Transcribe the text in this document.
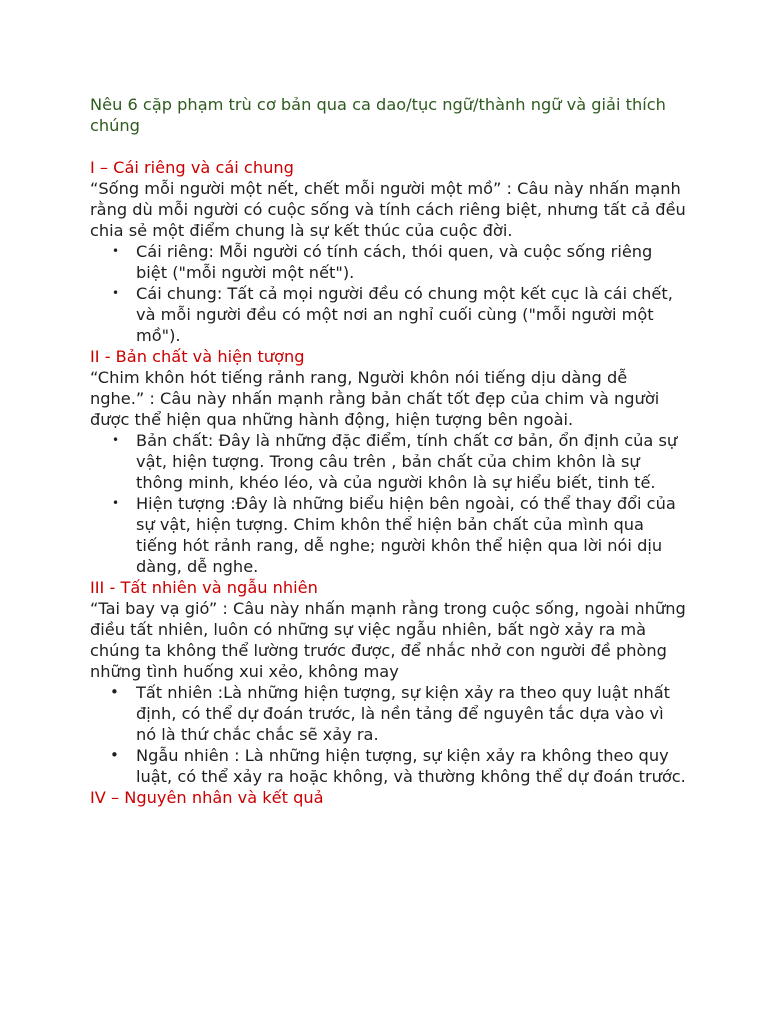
Nêu 6 cặp phạm trù cơ bản qua ca dao/tục ngữ/thành ngữ và giải thích chúng

I – Cái riêng và cái chung

“Sống mỗi người một nết, chết mỗi người một mồ” : Câu này nhấn mạnh rằng dù mỗi người có cuộc sống và tính cách riêng biệt, nhưng tất cả đều chia sẻ một điểm chung là sự kết thúc của cuộc đời.

• Cái riêng: Mỗi người có tính cách, thói quen, và cuộc sống riêng biệt ("mỗi người một nết").
• Cái chung: Tất cả mọi người đều có chung một kết cục là cái chết, và mỗi người đều có một nơi an nghỉ cuối cùng ("mỗi người một mồ").

II - Bản chất và hiện tượng

“Chim khôn hót tiếng rảnh rang, Người khôn nói tiếng dịu dàng dễ nghe.” : Câu này nhấn mạnh rằng bản chất tốt đẹp của chim và người được thể hiện qua những hành động, hiện tượng bên ngoài.

• Bản chất: Đây là những đặc điểm, tính chất cơ bản, ổn định của sự vật, hiện tượng. Trong câu trên , bản chất của chim khôn là sự thông minh, khéo léo, và của người khôn là sự hiểu biết, tinh tế.
• Hiện tượng :Đây là những biểu hiện bên ngoài, có thể thay đổi của sự vật, hiện tượng. Chim khôn thể hiện bản chất của mình qua tiếng hót rảnh rang, dễ nghe; người khôn thể hiện qua lời nói dịu dàng, dễ nghe.

III - Tất nhiên và ngẫu nhiên

“Tai bay vạ gió” : Câu này nhấn mạnh rằng trong cuộc sống, ngoài những điều tất nhiên, luôn có những sự việc ngẫu nhiên, bất ngờ xảy ra mà chúng ta không thể lường trước được, để nhắc nhở con người đề phòng những tình huống xui xẻo, không may

• Tất nhiên :Là những hiện tượng, sự kiện xảy ra theo quy luật nhất định, có thể dự đoán trước, là nền tảng để nguyên tắc dựa vào vì nó là thứ chắc chắc sẽ xảy ra.
• Ngẫu nhiên : Là những hiện tượng, sự kiện xảy ra không theo quy luật, có thể xảy ra hoặc không, và thường không thể dự đoán trước.

IV – Nguyên nhân và kết quả
